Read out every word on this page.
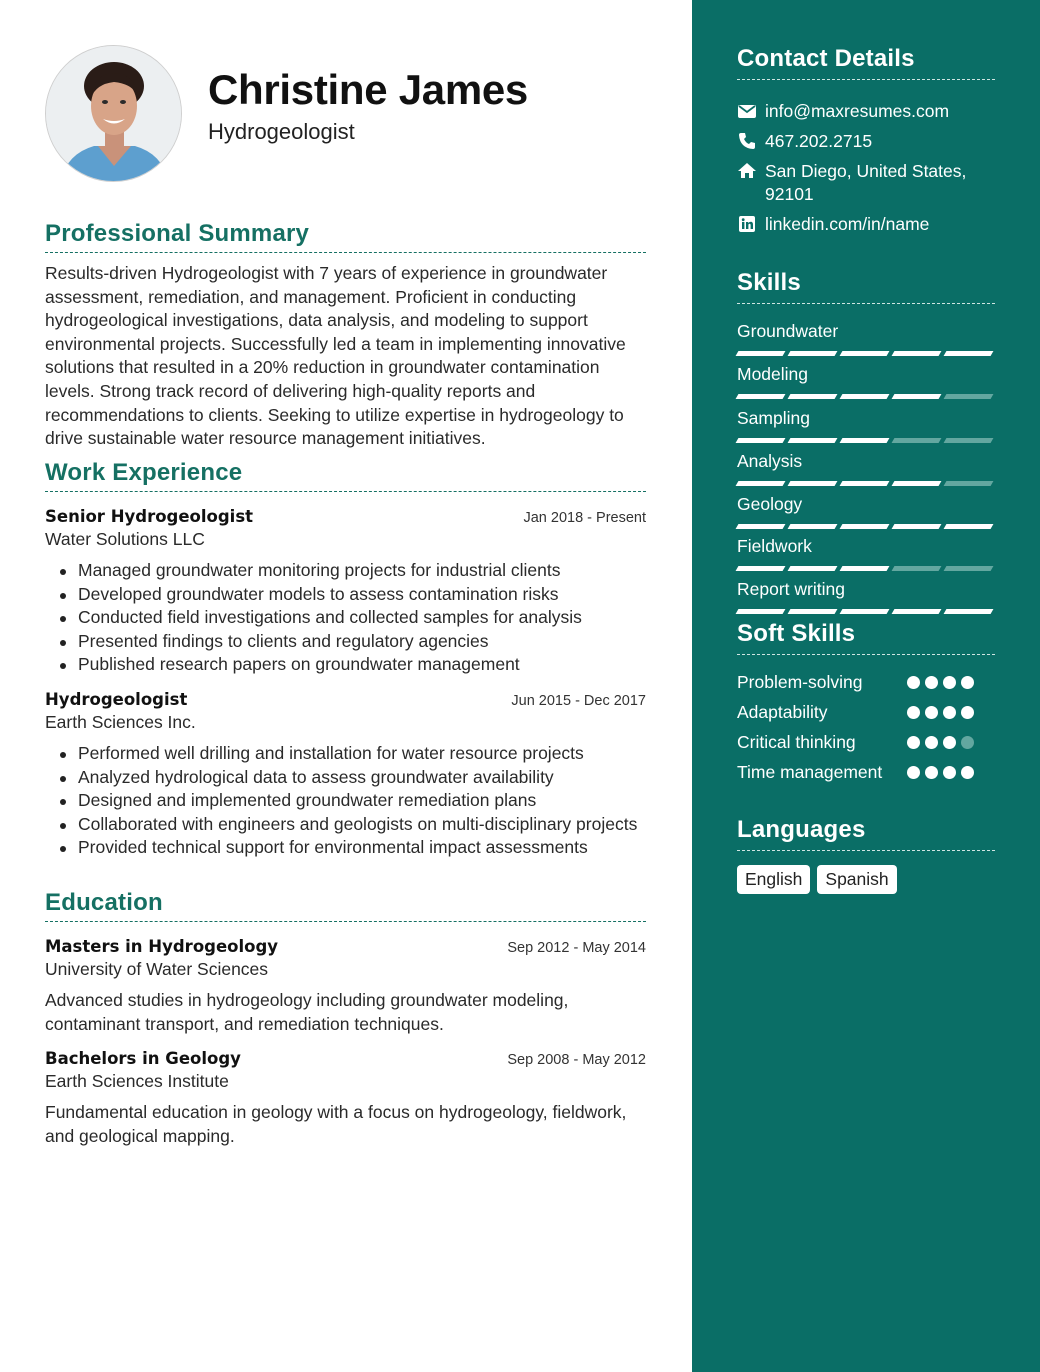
Christine James
Hydrogeologist
Professional Summary
Results-driven Hydrogeologist with 7 years of experience in groundwater assessment, remediation, and management. Proficient in conducting hydrogeological investigations, data analysis, and modeling to support environmental projects. Successfully led a team in implementing innovative solutions that resulted in a 20% reduction in groundwater contamination levels. Strong track record of delivering high-quality reports and recommendations to clients. Seeking to utilize expertise in hydrogeology to drive sustainable water resource management initiatives.
Work Experience
Senior Hydrogeologist	Jan 2018 - Present
Water Solutions LLC
Managed groundwater monitoring projects for industrial clients
Developed groundwater models to assess contamination risks
Conducted field investigations and collected samples for analysis
Presented findings to clients and regulatory agencies
Published research papers on groundwater management
Hydrogeologist	Jun 2015 - Dec 2017
Earth Sciences Inc.
Performed well drilling and installation for water resource projects
Analyzed hydrological data to assess groundwater availability
Designed and implemented groundwater remediation plans
Collaborated with engineers and geologists on multi-disciplinary projects
Provided technical support for environmental impact assessments
Education
Masters in Hydrogeology	Sep 2012 - May 2014
University of Water Sciences
Advanced studies in hydrogeology including groundwater modeling, contaminant transport, and remediation techniques.
Bachelors in Geology	Sep 2008 - May 2012
Earth Sciences Institute
Fundamental education in geology with a focus on hydrogeology, fieldwork, and geological mapping.
Contact Details
info@maxresumes.com
467.202.2715
San Diego, United States, 92101
linkedin.com/in/name
Skills
Groundwater
Modeling
Sampling
Analysis
Geology
Fieldwork
Report writing
Soft Skills
Problem-solving
Adaptability
Critical thinking
Time management
Languages
English	Spanish
